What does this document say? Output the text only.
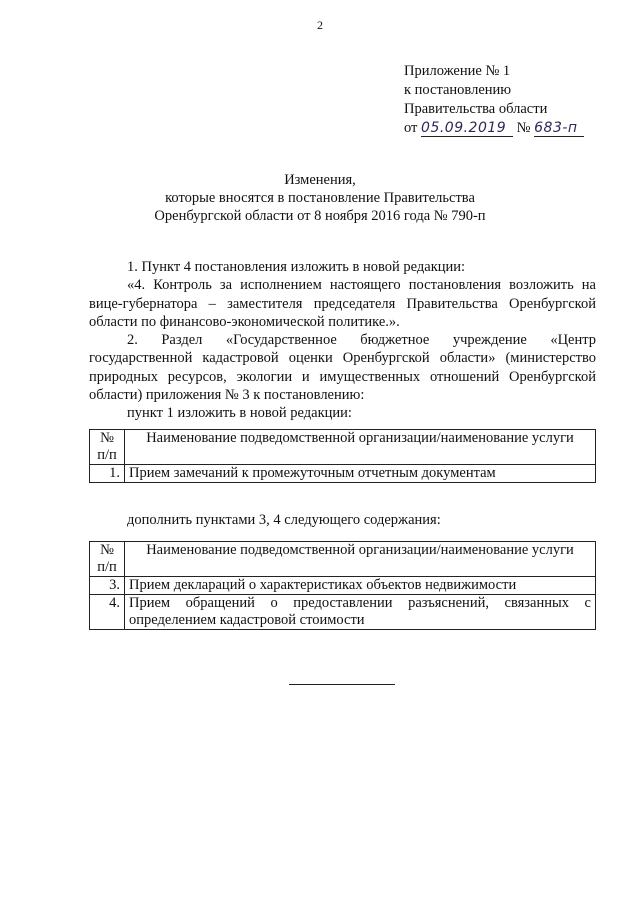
2
Приложение № 1
к постановлению
Правительства области
от 05.09.2019 № 683-п
Изменения,
которые вносятся в постановление Правительства
Оренбургской области от 8 ноября 2016 года № 790-п

1. Пункт 4 постановления изложить в новой редакции:

«4. Контроль за исполнением настоящего постановления возложить на вице-губернатора – заместителя председателя Правительства Оренбургской области по финансово-экономической политике.».

2. Раздел «Государственное бюджетное учреждение «Центр государственной кадастровой оценки Оренбургской области» (министерство природных ресурсов, экологии и имущественных отношений Оренбургской области) приложения № 3 к постановлению:

пункт 1 изложить в новой редакции:

№ п/п	Наименование подведомственной организации/наименование услуги
1.	Прием замечаний к промежуточным отчетным документам

дополнить пунктами 3, 4 следующего содержания:

№ п/п	Наименование подведомственной организации/наименование услуги
3.	Прием деклараций о характеристиках объектов недвижимости
4.	Прием обращений о предоставлении разъяснений, связанных с определением кадастровой стоимости
